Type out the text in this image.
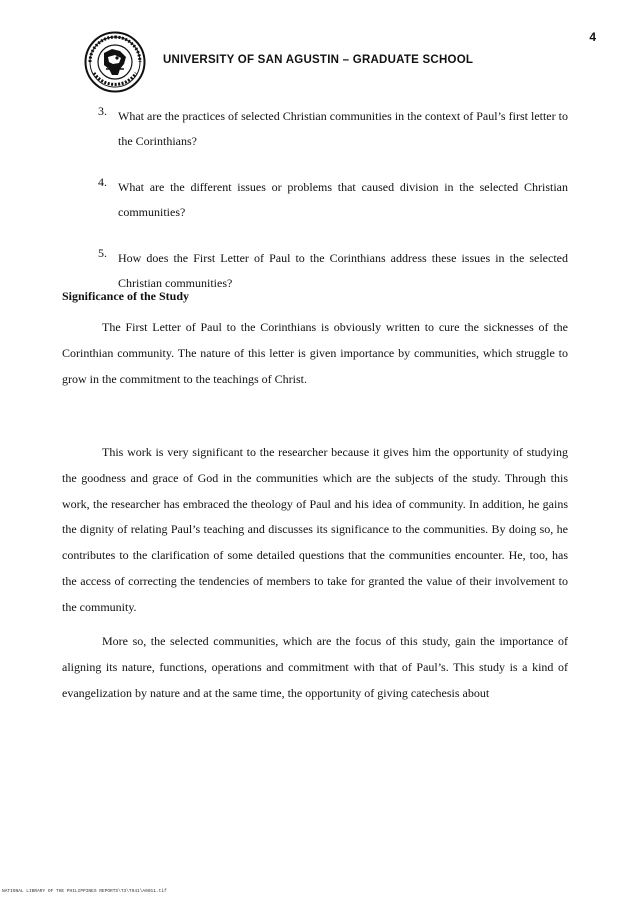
4
UNIVERSITY OF SAN AGUSTIN – GRADUATE SCHOOL
3. What are the practices of selected Christian communities in the context of Paul’s first letter to the Corinthians?
4. What are the different issues or problems that caused division in the selected Christian communities?
5. How does the First Letter of Paul to the Corinthians address these issues in the selected Christian communities?
Significance of the Study

The First Letter of Paul to the Corinthians is obviously written to cure the sicknesses of the Corinthian community. The nature of this letter is given importance by communities, which struggle to grow in the commitment to the teachings of Christ.

This work is very significant to the researcher because it gives him the opportunity of studying the goodness and grace of God in the communities which are the subjects of the study. Through this work, the researcher has embraced the theology of Paul and his idea of community. In addition, he gains the dignity of relating Paul’s teaching and discusses its significance to the communities. By doing so, he contributes to the clarification of some detailed questions that the communities encounter. He, too, has the access of correcting the tendencies of members to take for granted the value of their involvement to the community.

More so, the selected communities, which are the focus of this study, gain the importance of aligning its nature, functions, operations and commitment with that of Paul’s. This study is a kind of evangelization by nature and at the same time, the opportunity of giving catechesis about

NATIONAL LIBRARY OF THE PHILIPPINES REPORTS\T3\T941\A0011.tif
